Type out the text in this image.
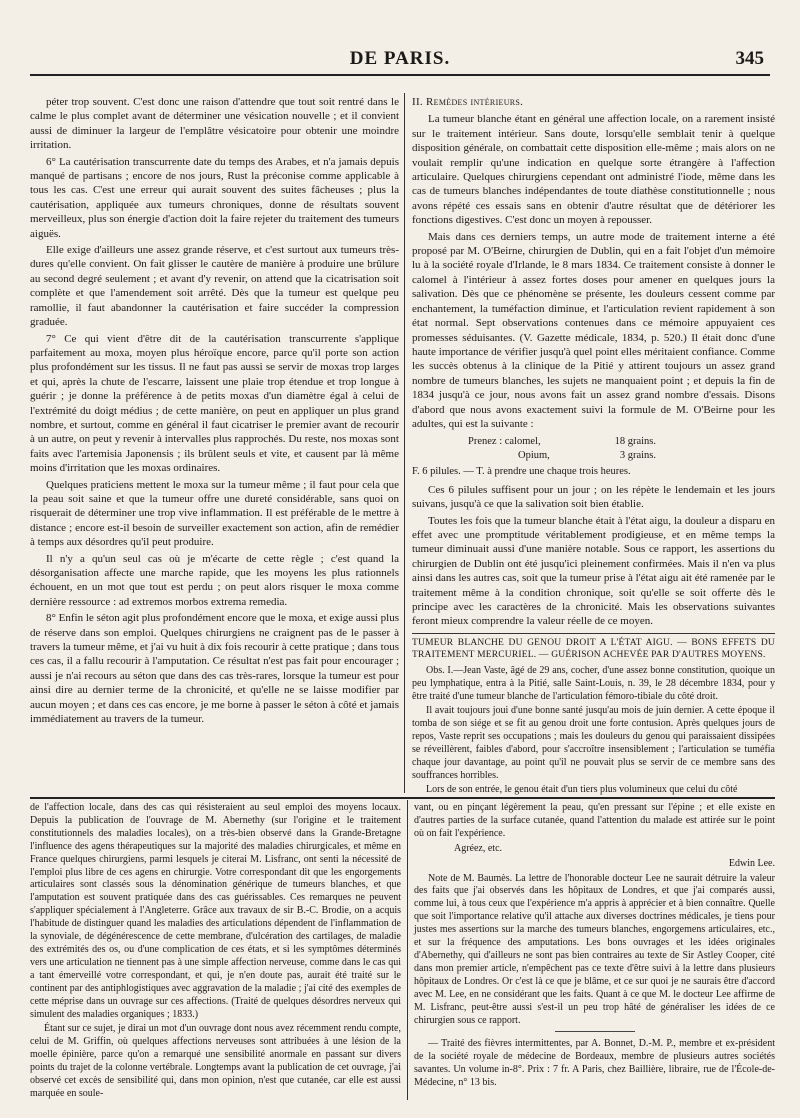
DE PARIS.	345

péter trop souvent. C'est donc une raison d'attendre que tout soit rentré dans le calme le plus complet avant de déterminer une vésication nouvelle ; et il convient aussi de diminuer la largeur de l'emplâtre vésicatoire pour obtenir une moindre irritation.

6° La cautérisation transcurrente date du temps des Arabes, et n'a jamais depuis manqué de partisans ; encore de nos jours, Rust la préconise comme applicable à tous les cas. C'est une erreur qui aurait souvent des suites fâcheuses ; plus la cautérisation, appliquée aux tumeurs chroniques, donne de résultats souvent merveilleux, plus son énergie d'action doit la faire rejeter du traitement des tumeurs aiguës.

Elle exige d'ailleurs une assez grande réserve, et c'est surtout aux tumeurs très-dures qu'elle convient. On fait glisser le cautère de manière à produire une brûlure au second degré seulement ; et avant d'y revenir, on attend que la cicatrisation soit complète et que l'amendement soit arrêté. Dès que la tumeur est quelque peu ramollie, il faut abandonner la cautérisation et faire succéder la compression graduée.

7° Ce qui vient d'être dit de la cautérisation transcurrente s'applique parfaitement au moxa, moyen plus héroïque encore, parce qu'il porte son action plus profondément sur les tissus. Il ne faut pas aussi se servir de moxas trop larges et qui, après la chute de l'escarre, laissent une plaie trop étendue et trop longue à guérir ; je donne la préférence à de petits moxas d'un diamètre égal à celui de l'extrémité du doigt médius ; de cette manière, on peut en appliquer un plus grand nombre, et surtout, comme en général il faut cicatriser le premier avant de recourir à un autre, on peut y revenir à intervalles plus rapprochés. Du reste, nos moxas sont faits avec l'artemisia Japonensis ; ils brûlent seuls et vite, et causent par là même moins d'irritation que les moxas ordinaires.

Quelques praticiens mettent le moxa sur la tumeur même ; il faut pour cela que la peau soit saine et que la tumeur offre une dureté considérable, sans quoi on risquerait de déterminer une trop vive inflammation. Il est préférable de le mettre à distance ; encore est-il besoin de surveiller exactement son action, afin de remédier à temps aux désordres qu'il peut produire.

Il n'y a qu'un seul cas où je m'écarte de cette règle ; c'est quand la désorganisation affecte une marche rapide, que les moyens les plus rationnels échouent, en un mot que tout est perdu ; on peut alors risquer le moxa comme dernière ressource : ad extremos morbos extrema remedia.

8° Enfin le séton agit plus profondément encore que le moxa, et exige aussi plus de réserve dans son emploi. Quelques chirurgiens ne craignent pas de le passer à travers la tumeur même, et j'ai vu huit à dix fois recourir à cette pratique ; dans tous ces cas, il a fallu recourir à l'amputation. Ce résultat n'est pas fait pour encourager ; aussi je n'ai recours au séton que dans des cas très-rares, lorsque la tumeur est pour ainsi dire au dernier terme de la chronicité, et qu'elle ne se laisse modifier par aucun moyen ; et dans ces cas encore, je me borne à passer le séton à côté et jamais immédiatement au travers de la tumeur.

II. Remèdes intérieurs.

La tumeur blanche étant en général une affection locale, on a rarement insisté sur le traitement intérieur. Sans doute, lorsqu'elle semblait tenir à quelque disposition générale, on combattait cette disposition elle-même ; mais alors on ne voulait remplir qu'une indication en quelque sorte étrangère à l'affection articulaire. Quelques chirurgiens cependant ont administré l'iode, même dans les cas de tumeurs blanches indépendantes de toute diathèse constitutionnelle ; nous avons répété ces essais sans en obtenir d'autre résultat que de détériorer les fonctions digestives. C'est donc un moyen à repousser.

Mais dans ces derniers temps, un autre mode de traitement interne a été proposé par M. O'Beirne, chirurgien de Dublin, qui en a fait l'objet d'un mémoire lu à la société royale d'Irlande, le 8 mars 1834. Ce traitement consiste à donner le calomel à l'intérieur à assez fortes doses pour amener en quelques jours la salivation. Dès que ce phénomène se présente, les douleurs cessent comme par enchantement, la tuméfaction diminue, et l'articulation revient rapidement à son état normal. Sept observations contenues dans ce mémoire appuyaient ces promesses séduisantes. (V. Gazette médicale, 1834, p. 520.) Il était donc d'une haute importance de vérifier jusqu'à quel point elles méritaient confiance. Comme les succès obtenus à la clinique de la Pitié y attirent toujours un assez grand nombre de tumeurs blanches, les sujets ne manquaient point ; et depuis la fin de 1834 jusqu'à ce jour, nous avons fait un assez grand nombre d'essais. Disons d'abord que nous avons exactement suivi la formule de M. O'Beirne pour les adultes, qui est la suivante :

Prenez : calomel,	18 grains.
Opium,	3 grains.
F. 6 pilules. — T. à prendre une chaque trois heures.

Ces 6 pilules suffisent pour un jour ; on les répète le lendemain et les jours suivans, jusqu'à ce que la salivation soit bien établie.

Toutes les fois que la tumeur blanche était à l'état aigu, la douleur a disparu en effet avec une promptitude véritablement prodigieuse, et en même temps la tumeur diminuait aussi d'une manière notable. Sous ce rapport, les assertions du chirurgien de Dublin ont été jusqu'ici pleinement confirmées. Mais il n'en va plus ainsi dans les autres cas, soit que la tumeur prise à l'état aigu ait été ramenée par le traitement même à la condition chronique, soit qu'elle se soit offerte dès le principe avec les caractères de la chronicité. Mais les observations suivantes feront mieux comprendre la valeur réelle de ce moyen.

TUMEUR BLANCHE DU GENOU DROIT A L'ÉTAT AIGU. — BONS EFFETS DU TRAITEMENT MERCURIEL. — GUÉRISON ACHEVÉE PAR D'AUTRES MOYENS.

Obs. I.—Jean Vaste, âgé de 29 ans, cocher, d'une assez bonne constitution, quoique un peu lymphatique, entra à la Pitié, salle Saint-Louis, n. 39, le 28 décembre 1834, pour y être traité d'une tumeur blanche de l'articulation fémoro-tibiale du côté droit.

Il avait toujours joui d'une bonne santé jusqu'au mois de juin dernier. A cette époque il tomba de son siége et se fit au genou droit une forte contusion. Après quelques jours de repos, Vaste reprit ses occupations ; mais les douleurs du genou qui paraissaient dissipées se réveillèrent, faibles d'abord, pour s'accroître insensiblement ; l'articulation se tuméfia chaque jour davantage, au point qu'il ne pouvait plus se servir de ce membre sans des souffrances horribles.

Lors de son entrée, le genou était d'un tiers plus volumineux que celui du côté

de l'affection locale, dans des cas qui résisteraient au seul emploi des moyens locaux. Depuis la publication de l'ouvrage de M. Abernethy (sur l'origine et le traitement constitutionnels des maladies locales), on a très-bien observé dans la Grande-Bretagne l'influence des agens thérapeutiques sur la majorité des maladies chirurgicales, et même en France quelques chirurgiens, parmi lesquels je citerai M. Lisfranc, ont senti la nécessité de l'emploi plus libre de ces agens en chirurgie. Votre correspondant dit que les engorgements articulaires sont classés sous la dénomination générique de tumeurs blanches, et que l'amputation est souvent pratiquée dans des cas guérissables. Ces remarques ne peuvent s'appliquer spécialement à l'Angleterre. Grâce aux travaux de sir B.-C. Brodie, on a acquis l'habitude de distinguer quand les maladies des articulations dépendent de l'inflammation de la synoviale, de dégénérescence de cette membrane, d'ulcération des cartilages, de maladie des extrémités des os, ou d'une complication de ces états, et si les symptômes déterminés vers une articulation ne tiennent pas à une simple affection nerveuse, comme dans le cas qui a tant émerveillé votre correspondant, et qui, je n'en doute pas, aurait été traité sur le continent par des antiphlogistiques avec aggravation de la maladie ; j'ai cité des exemples de cette méprise dans un ouvrage sur ces affections. (Traité de quelques désordres nerveux qui simulent des maladies organiques ; 1833.)

Étant sur ce sujet, je dirai un mot d'un ouvrage dont nous avez récemment rendu compte, celui de M. Griffin, où quelques affections nerveuses sont attribuées à une lésion de la moelle épinière, parce qu'on a remarqué une sensibilité anormale en passant sur divers points du trajet de la colonne vertébrale. Longtemps avant la publication de cet ouvrage, j'ai observé cet excès de sensibilité qui, dans mon opinion, n'est que cutanée, car elle est aussi marquée en soule-

vant, ou en pinçant légèrement la peau, qu'en pressant sur l'épine ; et elle existe en d'autres parties de la surface cutanée, quand l'attention du malade est attirée sur le point où on fait l'expérience.

Agréez, etc.

Edwin Lee.

Note de M. Baumès. La lettre de l'honorable docteur Lee ne saurait détruire la valeur des faits que j'ai observés dans les hôpitaux de Londres, et que j'ai comparés aussi, comme lui, à tous ceux que l'expérience m'a appris à apprécier et à bien connaître. Quelle que soit l'importance relative qu'il attache aux diverses doctrines médicales, je tiens pour justes mes assertions sur la marche des tumeurs blanches, engorgemens articulaires, etc., et sur la fréquence des amputations. Les bons ouvrages et les idées originales d'Abernethy, qui d'ailleurs ne sont pas bien contraires au texte de Sir Astley Cooper, cité dans mon premier article, n'empêchent pas ce texte d'être suivi à la lettre dans plusieurs hôpitaux de Londres. Or c'est là ce que je blâme, et ce sur quoi je ne saurais être d'accord avec M. Lee, en ne considérant que les faits. Quant à ce que M. le docteur Lee affirme de M. Lisfranc, peut-être aussi s'est-il un peu trop hâté de généraliser les idées de ce chirurgien sous ce rapport.

— Traité des fièvres intermittentes, par A. Bonnet, D.-M. P., membre et ex-président de la société royale de médecine de Bordeaux, membre de plusieurs autres sociétés savantes. Un volume in-8°. Prix : 7 fr. A Paris, chez Baillière, libraire, rue de l'École-de-Médecine, n° 13 bis.
